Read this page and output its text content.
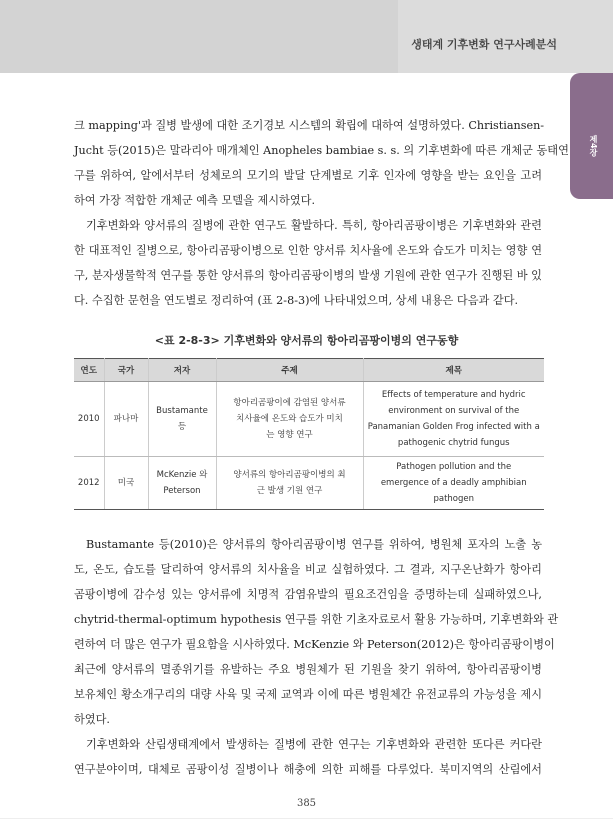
생태계 기후변화 연구사례분석
제4장
크 mapping'과 질병 발생에 대한 조기경보 시스템의 확립에 대하여 설명하였다. Christiansen-
Jucht 등(2015)은 말라리아 매개체인 Anopheles bambiae s. s. 의 기후변화에 따른 개체군 동태연
구를 위하여, 알에서부터 성체로의 모기의 발달 단계별로 기후 인자에 영향을 받는 요인을 고려
하여 가장 적합한 개체군 예측 모델을 제시하였다.
기후변화와 양서류의 질병에 관한 연구도 활발하다. 특히, 항아리곰팡이병은 기후변화와 관련
한 대표적인 질병으로, 항아리곰팡이병으로 인한 양서류 치사율에 온도와 습도가 미치는 영향 연
구, 분자생물학적 연구를 통한 양서류의 항아리곰팡이병의 발생 기원에 관한 연구가 진행된 바 있
다. 수집한 문헌을 연도별로 정리하여 (표 2-8-3)에 나타내었으며, 상세 내용은 다음과 같다.
<표 2-8-3> 기후변화와 양서류의 항아리곰팡이병의 연구동향
연도	국가	저자	주제	제목
2010	파나마	Bustamante 등	항아리곰팡이에 감염된 양서류 치사율에 온도와 습도가 미치는 영향 연구	Effects of temperature and hydric environment on survival of the Panamanian Golden Frog infected with a pathogenic chytrid fungus
2012	미국	McKenzie 와 Peterson	양서류의 항아리곰팡이병의 최근 발생 기원 연구	Pathogen pollution and the emergence of a deadly amphibian pathogen
Bustamante 등(2010)은 양서류의 항아리곰팡이병 연구를 위하여, 병원체 포자의 노출 농
도, 온도, 습도를 달리하여 양서류의 치사율을 비교 실험하였다. 그 결과, 지구온난화가 항아리
곰팡이병에 감수성 있는 양서류에 치명적 감염유발의 필요조건임을 증명하는데 실패하였으나,
chytrid-thermal-optimum hypothesis 연구를 위한 기초자료로서 활용 가능하며, 기후변화와 관
련하여 더 많은 연구가 필요함을 시사하였다. McKenzie 와 Peterson(2012)은 항아리곰팡이병이
최근에 양서류의 멸종위기를 유발하는 주요 병원체가 된 기원을 찾기 위하여, 항아리곰팡이병
보유체인 황소개구리의 대량 사육 및 국제 교역과 이에 따른 병원체간 유전교류의 가능성을 제시
하였다.
기후변화와 산림생태계에서 발생하는 질병에 관한 연구는 기후변화와 관련한 또다른 커다란
연구분야이며, 대체로 곰팡이성 질병이나 해충에 의한 피해를 다루었다. 북미지역의 산림에서
385
